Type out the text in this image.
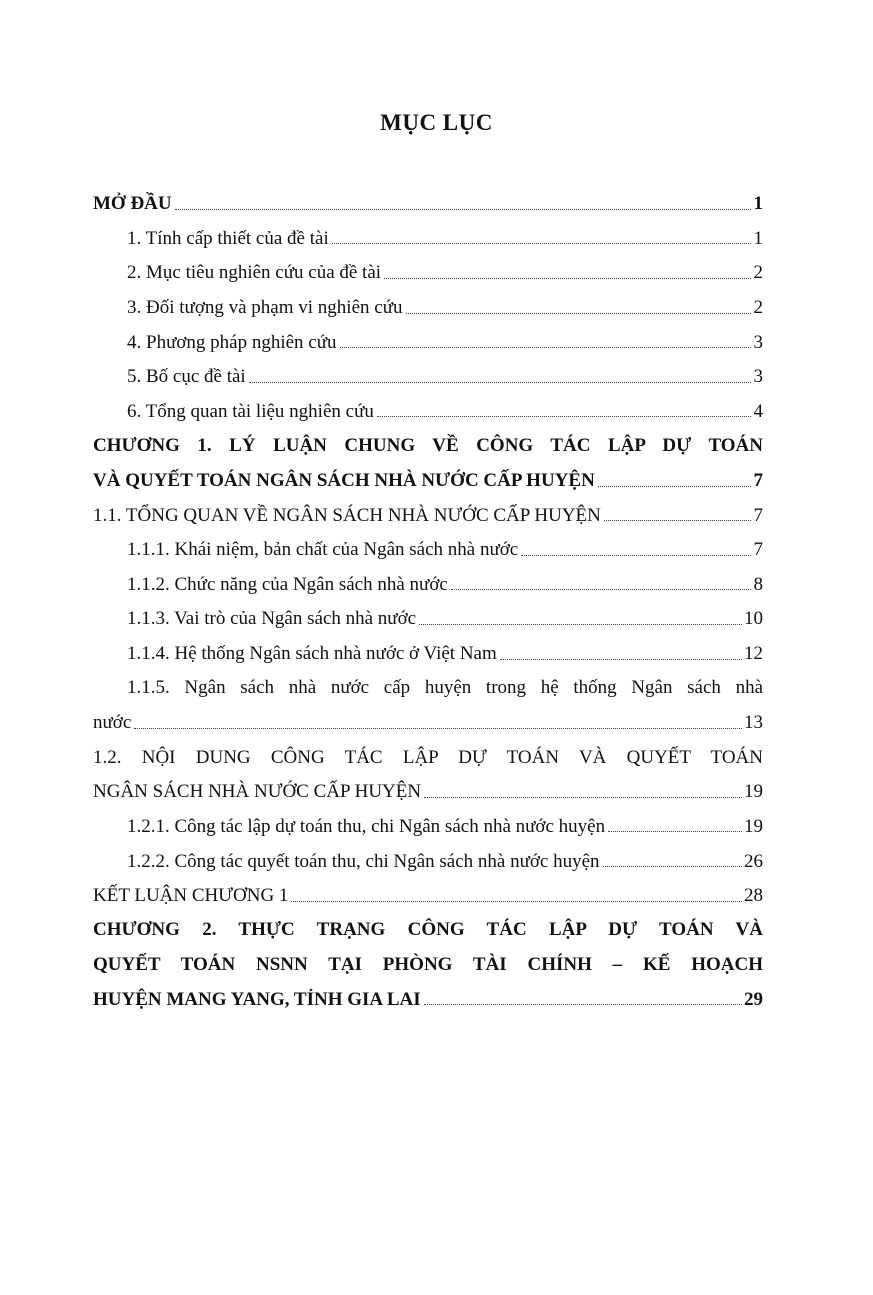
MỤC LỤC
MỞ ĐẦU	1
1. Tính cấp thiết của đề tài	1
2. Mục tiêu nghiên cứu của đề tài	2
3. Đối tượng và phạm vi nghiên cứu	2
4. Phương pháp nghiên cứu	3
5. Bố cục đề tài	3
6. Tổng quan tài liệu nghiên cứu	4
CHƯƠNG 1. LÝ LUẬN CHUNG VỀ CÔNG TÁC LẬP DỰ TOÁN
VÀ QUYẾT TOÁN NGÂN SÁCH NHÀ NƯỚC CẤP HUYỆN	7
1.1. TỔNG QUAN VỀ NGÂN SÁCH NHÀ NƯỚC CẤP HUYỆN	7
1.1.1. Khái niệm, bản chất của Ngân sách nhà nước	7
1.1.2. Chức năng của Ngân sách nhà nước	8
1.1.3. Vai trò của Ngân sách nhà nước	10
1.1.4. Hệ thống Ngân sách nhà nước ở Việt Nam	12
1.1.5. Ngân sách nhà nước cấp huyện trong hệ thống Ngân sách nhà
nước	13
1.2. NỘI DUNG CÔNG TÁC LẬP DỰ TOÁN VÀ QUYẾT TOÁN
NGÂN SÁCH NHÀ NƯỚC CẤP HUYỆN	19
1.2.1. Công tác lập dự toán thu, chi Ngân sách nhà nước huyện	19
1.2.2. Công tác quyết toán thu, chi Ngân sách nhà nước huyện	26
KẾT LUẬN CHƯƠNG 1	28
CHƯƠNG 2. THỰC TRẠNG CÔNG TÁC LẬP DỰ TOÁN VÀ
QUYẾT TOÁN NSNN TẠI PHÒNG TÀI CHÍNH – KẾ HOẠCH
HUYỆN MANG YANG, TỈNH GIA LAI	29
